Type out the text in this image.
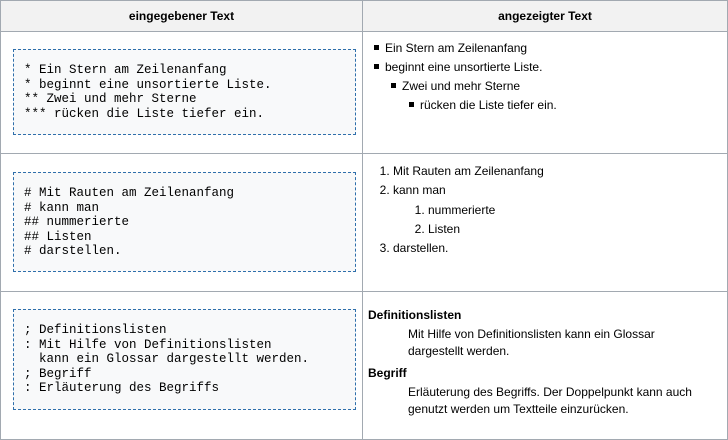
eingegebener Text	angezeigter Text
* Ein Stern am Zeilenanfang
* beginnt eine unsortierte Liste.
** Zwei und mehr Sterne
*** rücken die Liste tiefer ein.
Ein Stern am Zeilenanfang
beginnt eine unsortierte Liste.
Zwei und mehr Sterne
rücken die Liste tiefer ein.
# Mit Rauten am Zeilenanfang
# kann man
## nummerierte
## Listen
# darstellen.
1. Mit Rauten am Zeilenanfang
2. kann man
1. nummerierte
2. Listen
3. darstellen.
; Definitionslisten
: Mit Hilfe von Definitionslisten
kann ein Glossar dargestellt werden.
; Begriff
: Erläuterung des Begriffs
Definitionslisten
Mit Hilfe von Definitionslisten kann ein Glossar dargestellt werden.
Begriff
Erläuterung des Begriffs. Der Doppelpunkt kann auch genutzt werden um Textteile einzurücken.
